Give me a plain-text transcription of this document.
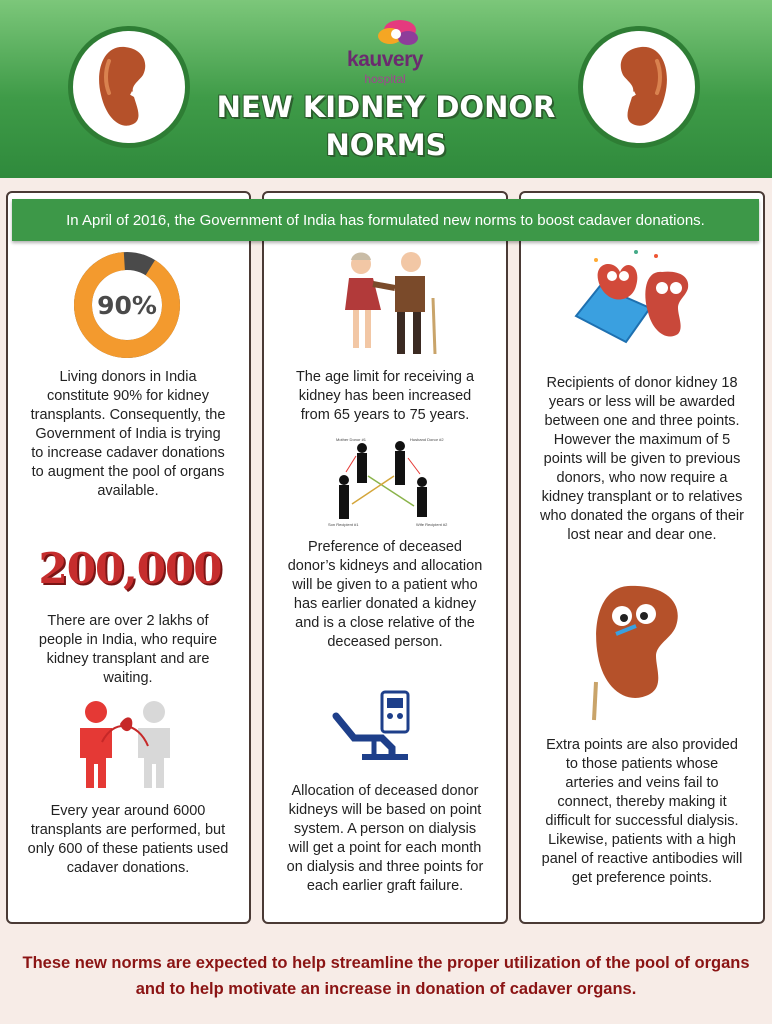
kauvery
hospital
NEW KIDNEY DONOR
NORMS
In April of 2016, the Government of India has formulated new norms to boost cadaver donations.
90%
Living donors in India constitute 90% for kidney transplants. Consequently, the Government of India is trying to increase cadaver donations to augment the pool of organs available.
200,000
There are over 2 lakhs of people in India, who require kidney transplant and are waiting.
Every year around 6000 transplants are performed, but only 600 of these patients used cadaver donations.
The age limit for receiving a kidney has been increased from 65 years to 75 years.
Mother Donor #1	Husband Donor #2
Son Recipient #1	Wife Recipient #2
Preference of deceased donor’s kidneys and allocation will be given to a patient who has earlier donated a kidney and is a close relative of the deceased person.
Allocation of deceased donor kidneys will be based on point system. A person on dialysis will get a point for each month on dialysis and three points for each earlier graft failure.
Recipients of donor kidney 18 years or less will be awarded between one and three points. However the maximum of 5 points will be given to previous donors, who now require a kidney transplant or to relatives who donated the organs of their lost near and dear one.
Extra points are also provided to those patients whose arteries and veins fail to connect, thereby making it difficult for successful dialysis. Likewise, patients with a high panel of reactive antibodies will get preference points.
These new norms are expected to help streamline the proper utilization of the pool of organs and to help motivate an increase in donation of cadaver organs.
